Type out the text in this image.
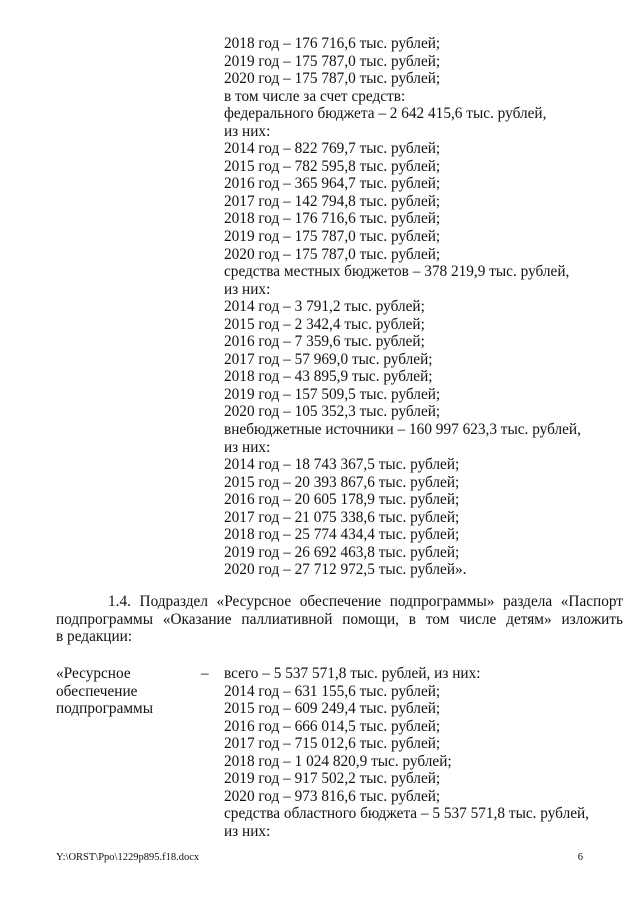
2018 год – 176 716,6 тыс. рублей;
2019 год – 175 787,0 тыс. рублей;
2020 год – 175 787,0 тыс. рублей;
в том числе за счет средств:
федерального бюджета – 2 642 415,6 тыс. рублей,
из них:
2014 год – 822 769,7 тыс. рублей;
2015 год – 782 595,8 тыс. рублей;
2016 год – 365 964,7 тыс. рублей;
2017 год – 142 794,8 тыс. рублей;
2018 год – 176 716,6 тыс. рублей;
2019 год – 175 787,0 тыс. рублей;
2020 год – 175 787,0 тыс. рублей;
средства местных бюджетов – 378 219,9 тыс. рублей,
из них:
2014 год – 3 791,2 тыс. рублей;
2015 год – 2 342,4 тыс. рублей;
2016 год – 7 359,6 тыс. рублей;
2017 год – 57 969,0 тыс. рублей;
2018 год – 43 895,9 тыс. рублей;
2019 год – 157 509,5 тыс. рублей;
2020 год – 105 352,3 тыс. рублей;
внебюджетные источники – 160 997 623,3 тыс. рублей,
из них:
2014 год – 18 743 367,5 тыс. рублей;
2015 год – 20 393 867,6 тыс. рублей;
2016 год – 20 605 178,9 тыс. рублей;
2017 год – 21 075 338,6 тыс. рублей;
2018 год – 25 774 434,4 тыс. рублей;
2019 год – 26 692 463,8 тыс. рублей;
2020 год – 27 712 972,5 тыс. рублей».

1.4. Подраздел «Ресурсное обеспечение подпрограммы» раздела «Паспорт

подпрограммы «Оказание паллиативной помощи, в том числе детям» изложить

в редакции:

«Ресурсное
обеспечение
подпрограммы
– всего – 5 537 571,8 тыс. рублей, из них:
2014 год – 631 155,6 тыс. рублей;
2015 год – 609 249,4 тыс. рублей;
2016 год – 666 014,5 тыс. рублей;
2017 год – 715 012,6 тыс. рублей;
2018 год – 1 024 820,9 тыс. рублей;
2019 год – 917 502,2 тыс. рублей;
2020 год – 973 816,6 тыс. рублей;
средства областного бюджета – 5 537 571,8 тыс. рублей,
из них:
Y:\ORST\Ppo\1229p895.f18.docx	6
